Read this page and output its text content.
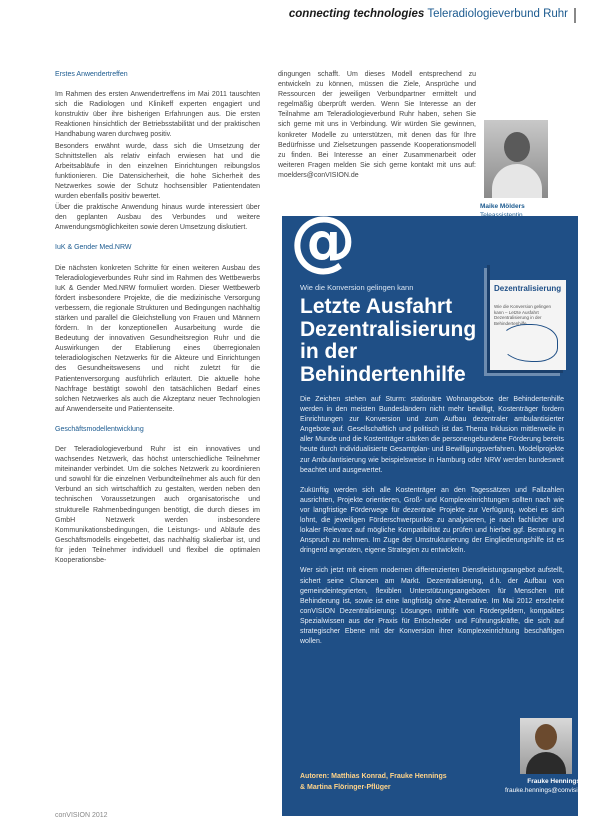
connecting technologies Teleradiologieverbund Ruhr
Erstes Anwendertreffen

Im Rahmen des ersten Anwendertreffens im Mai 2011 tauschten sich die Radiologen und Klinikeff experten engagiert und konstruktiv über ihre bisherigen Erfahrungen aus. Die ersten Reaktionen hinsichtlich der Betriebsstabilität und der praktischen Handhabung waren durchweg positiv.

Besonders erwähnt wurde, dass sich die Umsetzung der Schnittstellen als relativ einfach erwiesen hat und die Arbeitsabläufe in den einzelnen Einrichtungen reibungslos funktionieren. Die Datensicherheit, die hohe Sicherheit des Netzwerkes sowie der Schutz hochsensibler Patientendaten wurden ebenfalls positiv bewertet.

Über die praktische Anwendung hinaus wurde interessiert über den geplanten Ausbau des Verbundes und weitere Anwendungsmöglichkeiten sowie deren Umsetzung diskutiert.

IuK & Gender Med.NRW

Die nächsten konkreten Schritte für einen weiteren Ausbau des Teleradiologieverbundes Ruhr sind im Rahmen des Wettbewerbs IuK & Gender Med.NRW formuliert worden. Dieser Wettbewerb fördert insbesondere Projekte, die die medizinische Versorgung verbessern, die regionale Strukturen und Bedingungen nachhaltig stärken und parallel die Gleichstellung von Frauen und Männern fördern. In der konzeptionellen Ausarbeitung wurde die Bedeutung der innovativen Gesundheitsregion Ruhr und die Auswirkungen der Etablierung eines überregionalen teleradiologischen Netzwerks für die Akteure und Einrichtungen des Gesundheitswesens und nicht zuletzt für die Patientenversorgung ausführlich erläutert. Die aktuelle hohe Nachfrage bestätigt sowohl den tatsächlichen Bedarf eines solchen Netzwerkes als auch die Akzeptanz neuer Technologien auf Anwenderseite und Patientenseite.

Geschäftsmodellentwicklung

Der Teleradiologieverbund Ruhr ist ein innovatives und wachsendes Netzwerk, das höchst unterschiedliche Teilnehmer miteinander verbindet. Um die solches Netzwerk zu koordinieren und sowohl für die einzelnen Verbundteilnehmer als auch für den Verbund an sich wirtschaftlich zu gestalten, werden neben den technischen Voraussetzungen auch organisatorische und strukturelle Rahmenbedingungen benötigt, die durch dieses im GmbH Netzwerk werden insbesondere Kommunikationsbedingungen, die Leistungs- und Abläufe des Geschäftsmodells eingebettet, das nachhaltig skalierbar ist, und für jeden Teilnehmer individuell und flexibel die optimalen Kooperationsbe-

conVISION 2012

dingungen schafft. Um dieses Modell entsprechend zu entwickeln zu können, müssen die Ziele, Ansprüche und Ressourcen der jeweiligen Verbundpartner ermittelt und regelmäßig überprüft werden. Wenn Sie Interesse an der Teilnahme am Teleradiologieverbund Ruhr haben, sehen Sie sich gerne mit uns in Verbindung. Wir würden Sie gewinnen, konkreter Modelle zu unterstützen, mit denen das für Ihre Bedürfnisse und Zielsetzungen passende Kooperationsmodell zu finden. Bei Interesse an einer Zusammenarbeit oder weiteren Fragen melden Sie sich gerne kontakt mit uns auf: moelders@conVISION.de

Maike Mölders
@
Wie die Konversion gelingen kann
Letzte Ausfahrt Dezentralisierung in der Behindertenhilfe
Dezentralisierung
Wie die Konversion gelingen kann – Letzte Ausfahrt Dezentralisierung in der Behindertenhilfe

Die Zeichen stehen auf Sturm: stationäre Wohnangebote der Behindertenhilfe werden in den meisten Bundesländern nicht mehr bewilligt, Kostenträger fordern Einrichtungen zur Konversion und zum Aufbau dezentraler ambulantisierter Angebote auf. Gesellschaftlich und politisch ist das Thema Inklusion mittlerweile in aller Munde und die Kostenträger stärken die personengebundene Förderung bereits heute durch individualisierte Gesamtplan- und Bewilligungsverfahren. Modellprojekte zur Ambulantisierung wie beispielsweise in Hamburg oder NRW werden bundesweit beachtet und ausgewertet.

Zukünftig werden sich alle Kostenträger an den Tagessätzen und Fallzahlen ausrichten, Projekte orientieren, Groß- und Komplexeinrichtungen sollten nach wie vor langfristige Förderwege für dezentrale Projekte zur Verfügung, wobei es sich lohnt, die jeweiligen Förderschwerpunkte zu analysieren, je nach fachlicher und lokaler Relevanz auf mögliche Kompatibilität zu prüfen und hierbei ggf. Beratung in Anspruch zu nehmen. Im Zuge der Umstrukturierung der Eingliederungshilfe ist es dringend angeraten, eigene Strategien zu entwickeln.

Wer sich jetzt mit einem modernen differenzierten Dienstleistungsangebot aufstellt, sichert seine Chancen am Markt. Dezentralisierung, d.h. der Aufbau von gemeindeintegrierten, flexiblen Unterstützungsangeboten für Menschen mit Behinderung ist, sowie ist eine langfristig ohne Alternative. Im Mai 2012 erscheint conVISION Dezentralisierung: Lösungen mithilfe von Fördergeldern, kompaktes Spezialwissen aus der Praxis für Entscheider und Führungskräfte, die sich auf strategischer Ebene mit der Konversion ihrer Komplexeinrichtung beschäftigen wollen.

Autoren: Matthias Konrad, Frauke Hennings
& Martina Flöringer-Pflüger
Frauke Hennings
frauke.hennings@convision.de
